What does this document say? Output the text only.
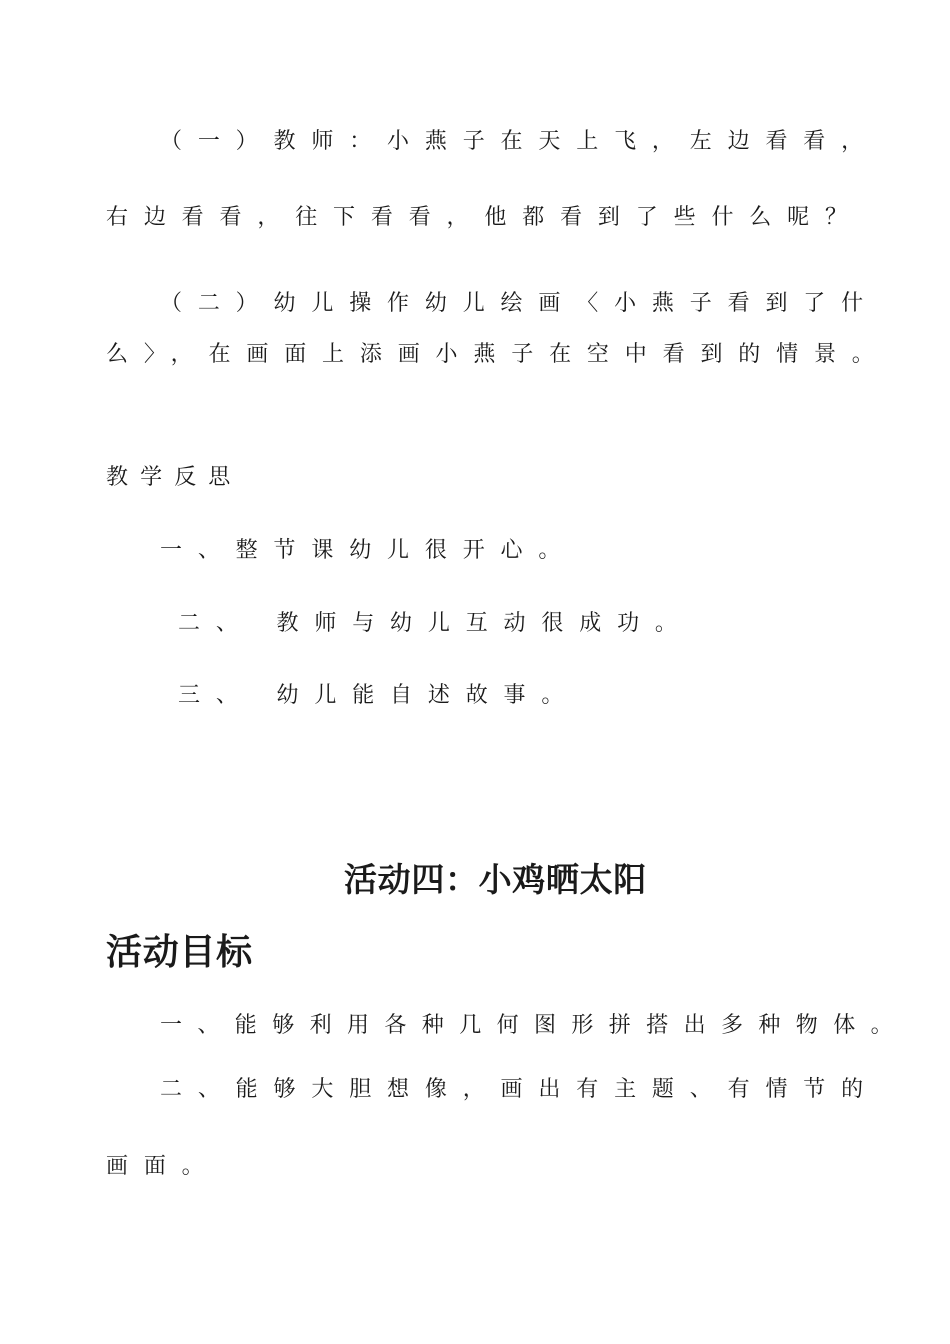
（一）教师：小燕子在天上飞，左边看看，
右边看看，往下看看，他都看到了些什么呢？
（二）幼儿操作幼儿绘画〈小燕子看到了什
么〉，在画面上添画小燕子在空中看到的情景。
教学反思
一、整节课幼儿很开心。
二、 教师与幼儿互动很成功。
三、 幼儿能自述故事。
活动四：小鸡晒太阳
活动目标
一、能够利用各种几何图形拼搭出多种物体。
二、能够大胆想像，画出有主题、有情节的
画面。
